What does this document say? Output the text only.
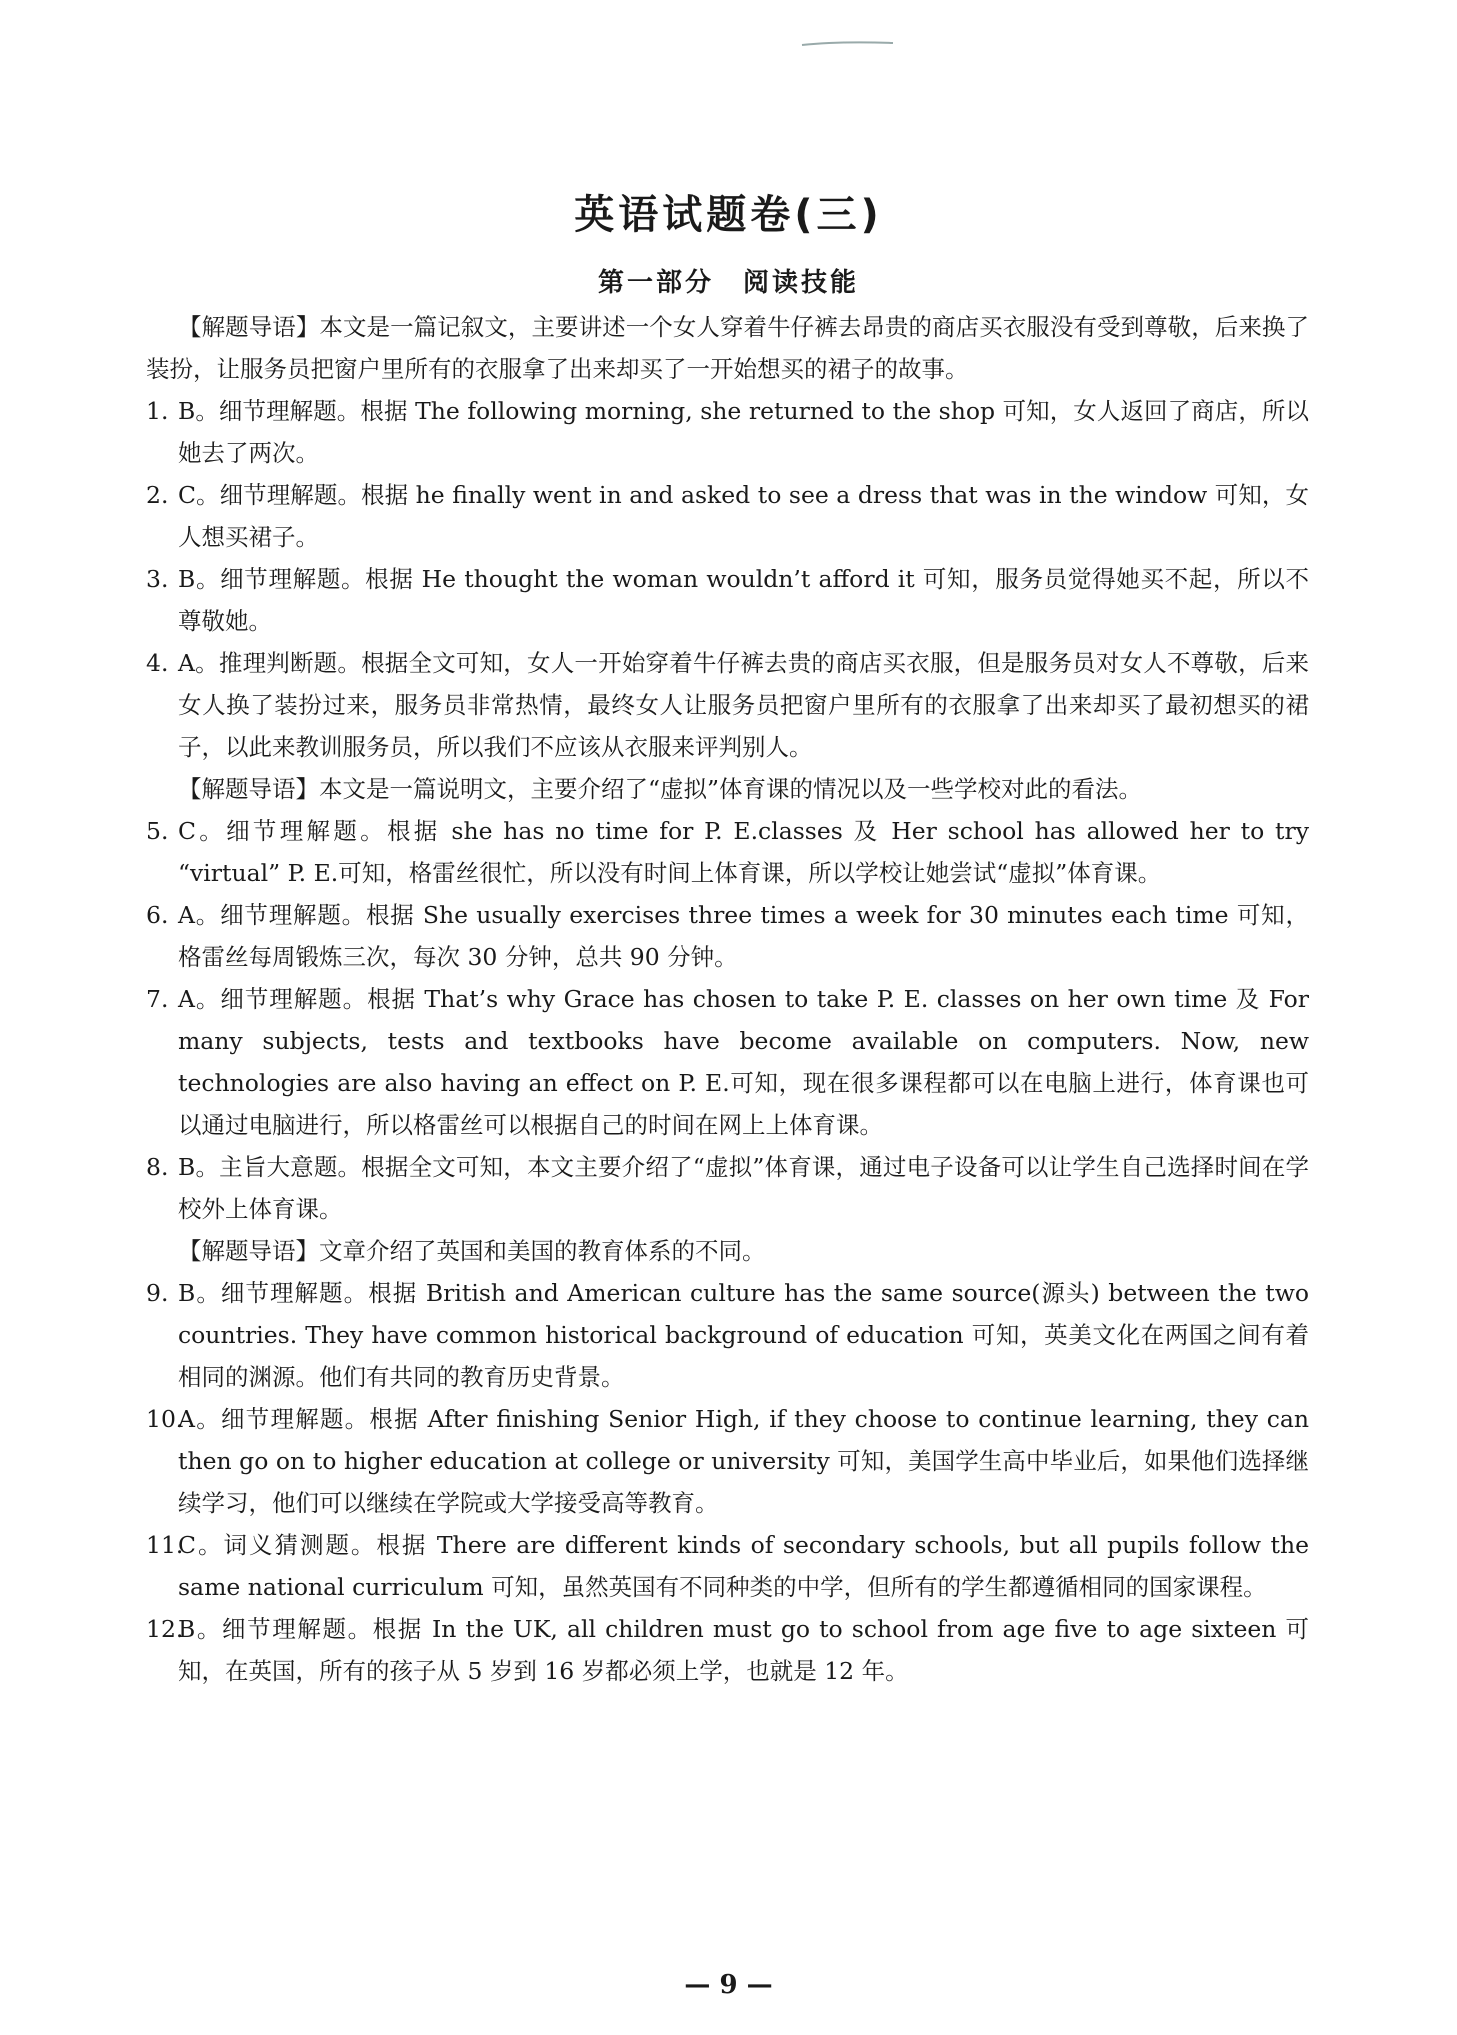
英语试题卷(三)
第一部分　阅读技能
【解题导语】本文是一篇记叙文，主要讲述一个女人穿着牛仔裤去昂贵的商店买衣服没有受到尊敬，后来换了装扮，让服务员把窗户里所有的衣服拿了出来却买了一开始想买的裙子的故事。
1. B。细节理解题。根据 The following morning, she returned to the shop 可知，女人返回了商店，所以她去了两次。
2. C。细节理解题。根据 he finally went in and asked to see a dress that was in the window 可知，女人想买裙子。
3. B。细节理解题。根据 He thought the woman wouldn’t afford it 可知，服务员觉得她买不起，所以不尊敬她。
4. A。推理判断题。根据全文可知，女人一开始穿着牛仔裤去贵的商店买衣服，但是服务员对女人不尊敬，后来女人换了装扮过来，服务员非常热情，最终女人让服务员把窗户里所有的衣服拿了出来却买了最初想买的裙子，以此来教训服务员，所以我们不应该从衣服来评判别人。
【解题导语】本文是一篇说明文，主要介绍了“虚拟”体育课的情况以及一些学校对此的看法。
5. C。细节理解题。根据 she has no time for P. E.classes 及 Her school has allowed her to try “virtual” P. E.可知，格雷丝很忙，所以没有时间上体育课，所以学校让她尝试“虚拟”体育课。
6. A。细节理解题。根据 She usually exercises three times a week for 30 minutes each time 可知，格雷丝每周锻炼三次，每次 30 分钟，总共 90 分钟。
7. A。细节理解题。根据 That’s why Grace has chosen to take P. E. classes on her own time 及 For many subjects, tests and textbooks have become available on computers. Now, new technologies are also having an effect on P. E.可知，现在很多课程都可以在电脑上进行，体育课也可以通过电脑进行，所以格雷丝可以根据自己的时间在网上上体育课。
8. B。主旨大意题。根据全文可知，本文主要介绍了“虚拟”体育课，通过电子设备可以让学生自己选择时间在学校外上体育课。
【解题导语】文章介绍了英国和美国的教育体系的不同。
9. B。细节理解题。根据 British and American culture has the same source(源头) between the two countries. They have common historical background of education 可知，英美文化在两国之间有着相同的渊源。他们有共同的教育历史背景。
10.
A。细节理解题。根据 After finishing Senior High, if they choose to continue learning, they can then go on to higher education at college or university 可知，美国学生高中毕业后，如果他们选择继续学习，他们可以继续在学院或大学接受高等教育。
11.
C。词义猜测题。根据 There are different kinds of secondary schools, but all pupils follow the same national curriculum 可知，虽然英国有不同种类的中学，但所有的学生都遵循相同的国家课程。
12.
B。细节理解题。根据 In the UK, all children must go to school from age five to age sixteen 可知，在英国，所有的孩子从 5 岁到 16 岁都必须上学，也就是 12 年。
— 9 —
